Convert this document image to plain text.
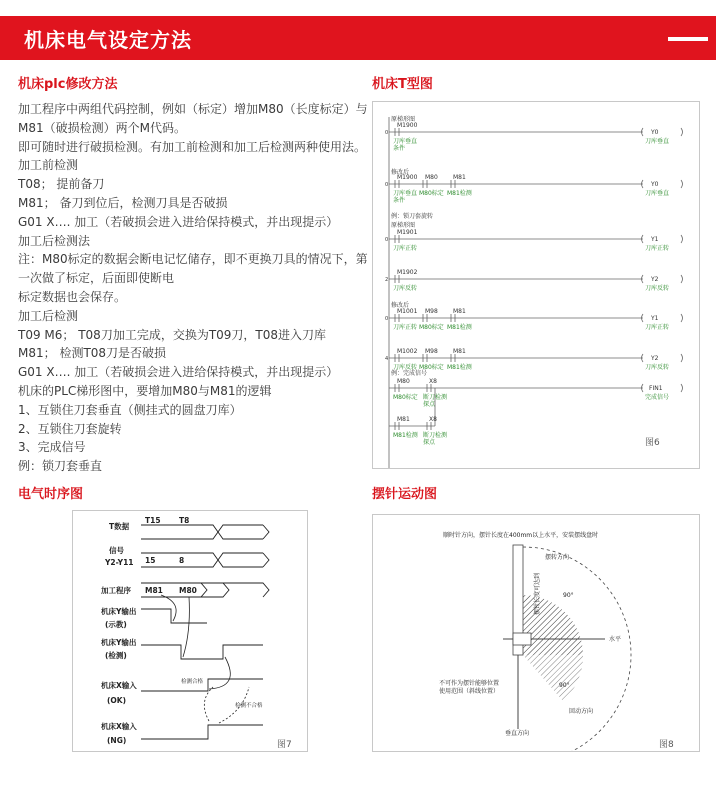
机床电气设定方法
机床plc修改方法	机床T型图
电气时序图	摆针运动图
加工程序中两组代码控制，例如（标定）增加M80（长度标定）与
M81（破损检测）两个M代码。
即可随时进行破损检测。有加工前检测和加工后检测两种使用法。
加工前检测
T08； 提前备刀
M81； 备刀到位后，检测刀具是否破损
G01 X…. 加工（若破损会进入进给保持模式，并出现提示）
加工后检测法
注：M80标定的数据会断电记忆储存，即不更换刀具的情况下，第
一次做了标定，后面即使断电
标定数据也会保存。
加工后检测
T09 M6； T08刀加工完成，交换为T09刀，T08进入刀库
M81； 检测T08刀是否破损
G01 X…. 加工（若破损会进入进给保持模式，并出现提示）
机床的PLC梯形图中，要增加M80与M81的逻辑
1、互锁住刀套垂直（侧挂式的圆盘刀库）
2、互锁住刀套旋转
3、完成信号
例：锁刀套垂直
原梯形图
修改后
例：锁刀套旋转
原梯形图
修改后
例：完成信号
0
0
0
2
0
4
M1900
刀库垂直
条件
M1900 M80	M81
刀库垂直
条件
M80标定 M81检测
M1901
刀库正转
M1902
刀库反转
M1001 M98	M81
刀库正转 M80标定 M81检测
M1002 M98	M81
刀库反转 M80标定 M81检测
M80	X8
M80标定 断刀检测
探点
M81	X8
M81检测 断刀检测
探点
Y0
刀库垂直
Y0
刀库垂直
Y1
刀库正转
Y2
刀库反转
Y1
刀库正转
Y2
刀库反转
FIN1
完成信号
图6
T数据
信号
Y2-Y11
加工程序
机床Y输出
(示教)
机床Y输出
(检测)
机床X输入
(OK)
机床X输入
(NG)
T15 T8
15	8
M81 M80
检测合格
检测不合格
图7
顺时针方向，摆针长度在400mm以上水平，安装摆线盘时
水平
摆针长度可达到
摆转方向
90°
90°
不可作为摆针能够位置
使用范围（斜线位置）
回动方向
垂直方向
图8
